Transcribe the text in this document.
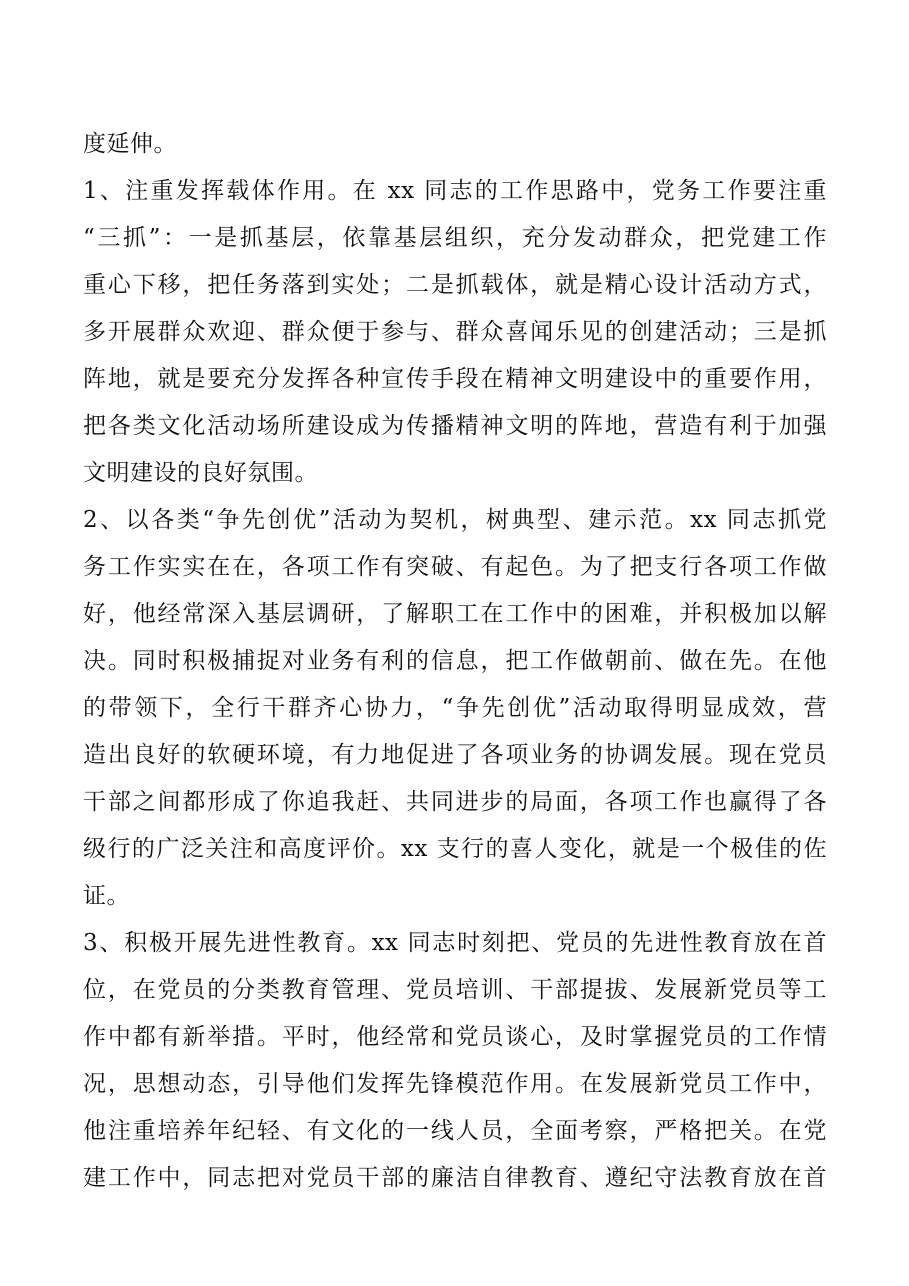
度延伸。
1、注重发挥载体作用。在 xx 同志的工作思路中，党务工作要注重
“三抓”：一是抓基层，依靠基层组织，充分发动群众，把党建工作
重心下移，把任务落到实处；二是抓载体，就是精心设计活动方式，
多开展群众欢迎、群众便于参与、群众喜闻乐见的创建活动；三是抓
阵地，就是要充分发挥各种宣传手段在精神文明建设中的重要作用，
把各类文化活动场所建设成为传播精神文明的阵地，营造有利于加强
文明建设的良好氛围。
2、以各类“争先创优”活动为契机，树典型、建示范。xx 同志抓党
务工作实实在在，各项工作有突破、有起色。为了把支行各项工作做
好，他经常深入基层调研，了解职工在工作中的困难，并积极加以解
决。同时积极捕捉对业务有利的信息，把工作做朝前、做在先。在他
的带领下，全行干群齐心协力，“争先创优”活动取得明显成效，营
造出良好的软硬环境，有力地促进了各项业务的协调发展。现在党员
干部之间都形成了你追我赶、共同进步的局面，各项工作也赢得了各
级行的广泛关注和高度评价。xx 支行的喜人变化，就是一个极佳的佐
证。
3、积极开展先进性教育。xx 同志时刻把、党员的先进性教育放在首
位，在党员的分类教育管理、党员培训、干部提拔、发展新党员等工
作中都有新举措。平时，他经常和党员谈心，及时掌握党员的工作情
况，思想动态，引导他们发挥先锋模范作用。在发展新党员工作中，
他注重培养年纪轻、有文化的一线人员，全面考察，严格把关。在党
建工作中，同志把对党员干部的廉洁自律教育、遵纪守法教育放在首
